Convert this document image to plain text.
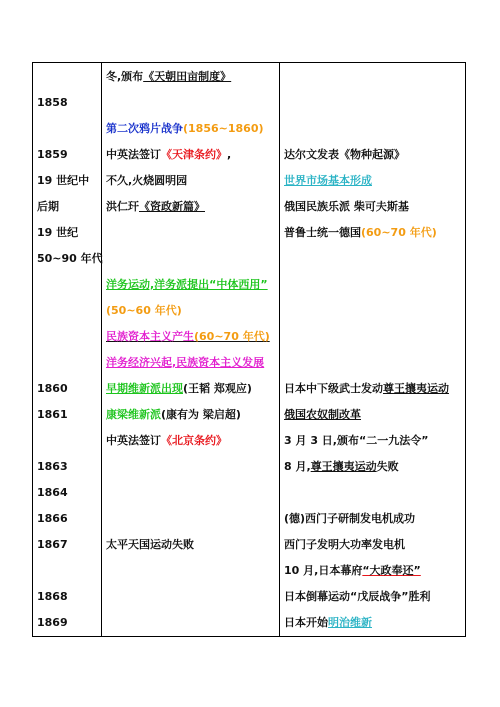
1858
1859
19 世纪中
后期
19 世纪
50~90 年代
1860
1861
1863
1864
1866
1867
1868
1869
冬,颁布《天朝田亩制度》
第二次鸦片战争(1856~1860)
中英法签订《天津条约》,
不久,火烧圆明园
洪仁玕《资政新篇》
洋务运动,洋务派提出“中体西用”
(50~60 年代)
民族资本主义产生(60~70 年代)
洋务经济兴起,民族资本主义发展
早期维新派出现(王韬 郑观应)
康梁维新派(康有为 梁启超)
中英法签订《北京条约》
太平天国运动失败
达尔文发表《物种起源》
世界市场基本形成
俄国民族乐派 柴可夫斯基
普鲁士统一德国(60~70 年代)
日本中下级武士发动尊王攘夷运动
俄国农奴制改革
3 月 3 日,颁布“二一九法令”
8 月,尊王攘夷运动失败
(德)西门子研制发电机成功
西门子发明大功率发电机
10 月,日本幕府“大政奉还”
日本倒幕运动“戊辰战争”胜利
日本开始明治维新
